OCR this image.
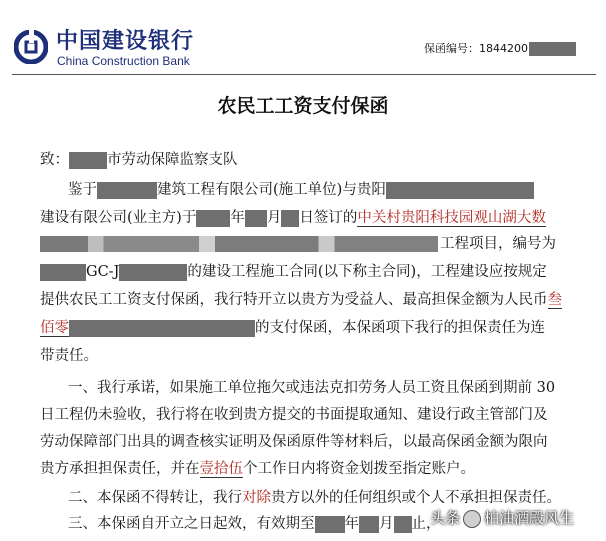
中国建设银行
China Construction Bank
保函编号：1844200
农民工工资支付保函
致：	市劳动保障监察支队
鉴于	建筑工程有限公司(施工单位)与贵阳
建设有限公司(业主方)于 年 月 日签订的中关村贵阳科技园观山湖大数
工程项目，编号为
GC-J	的建设工程施工合同(以下称主合同)，工程建设应按规定
提供农民工工资支付保函，我行特开立以贵方为受益人、最高担保金额为人民币叁
佰零	的支付保函，本保函项下我行的担保责任为连
带责任。
一、我行承诺，如果施工单位拖欠或违法克扣劳务人员工资且保函到期前 30
日工程仍未验收，我行将在收到贵方提交的书面提取通知、建设行政主管部门及
劳动保障部门出具的调查核实证明及保函原件等材料后，以最高保函金额为限向
贵方承担担保责任，并在壹拾伍个工作日内将资金划拨至指定账户。
二、本保函不得转让，我行对除贵方以外的任何组织或个人不承担担保责任。
三、本保函自开立之日起效，有效期至 年 月 止，
头条 柏油酒殿风生
